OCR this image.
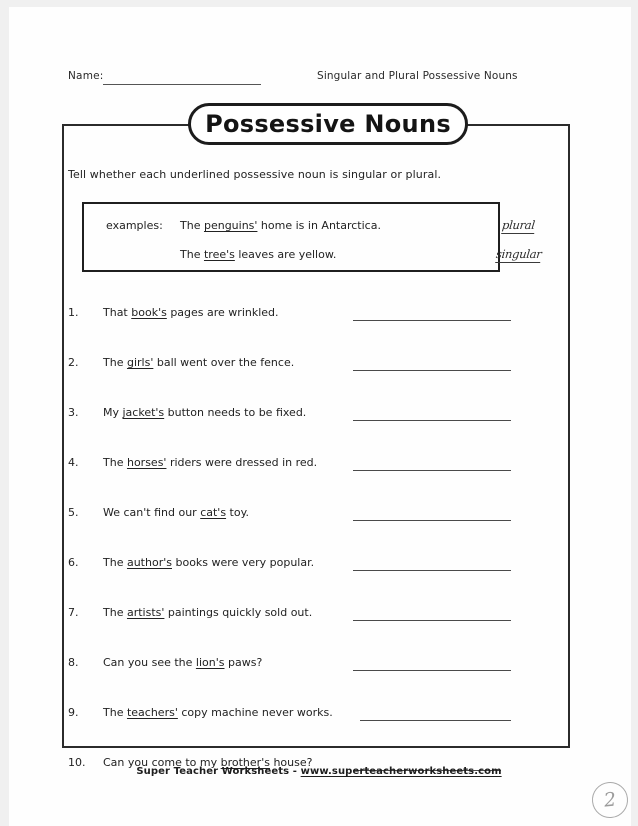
Name:	Singular and Plural Possessive Nouns
Possessive Nouns
Tell whether each underlined possessive noun is singular or plural.
examples: The penguins' home is in Antarctica.	plural
The tree's leaves are yellow.	singular
1. That book's pages are wrinkled.
2. The girls' ball went over the fence.
3. My jacket's button needs to be fixed.
4. The horses' riders were dressed in red.
5. We can't find our cat's toy.
6. The author's books were very popular.
7. The artists' paintings quickly sold out.
8. Can you see the lion's paws?
9. The teachers' copy machine never works.
10. Can you come to my brother's house?
Super Teacher Worksheets - www.superteacherworksheets.com
2
